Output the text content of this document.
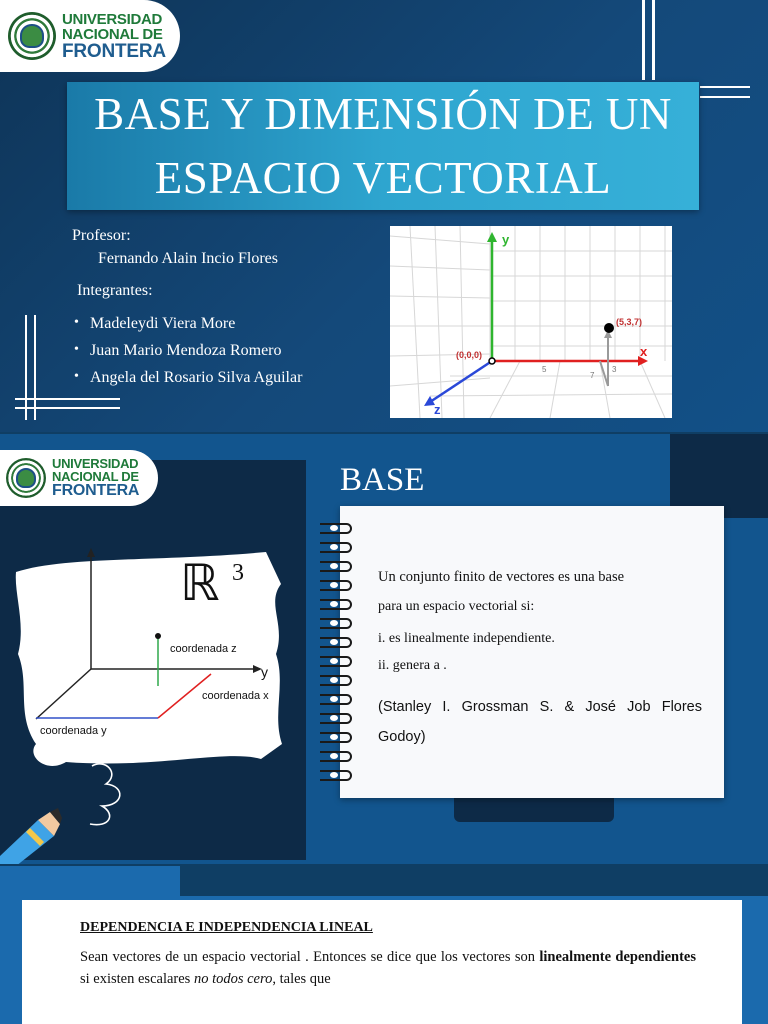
UNIVERSIDAD
NACIONAL DE
FRONTERA
BASE Y DIMENSIÓN DE UN
ESPACIO VECTORIAL
Profesor:
Fernando Alain Incio Flores
Integrantes:
• Madeleydi Viera More
• Juan Mario Mendoza Romero
• Angela del Rosario Silva Aguilar
y
x
z
(0,0,0)
(5,3,7)
5
7
3
UNIVERSIDAD
NACIONAL DE
FRONTERA	BASE
ℝ 3
y
coordenada z
coordenada x
coordenada y
Un conjunto finito de vectores es una base
para un espacio vectorial si:
i. es linealmente independiente.
ii. genera a .
(Stanley I. Grossman S. & José Job Flores Godoy)
DEPENDENCIA E INDEPENDENCIA LINEAL
Sean vectores de un espacio vectorial . Entonces se dice que los vectores son linealmente dependientes si existen escalares no todos cero, tales que
